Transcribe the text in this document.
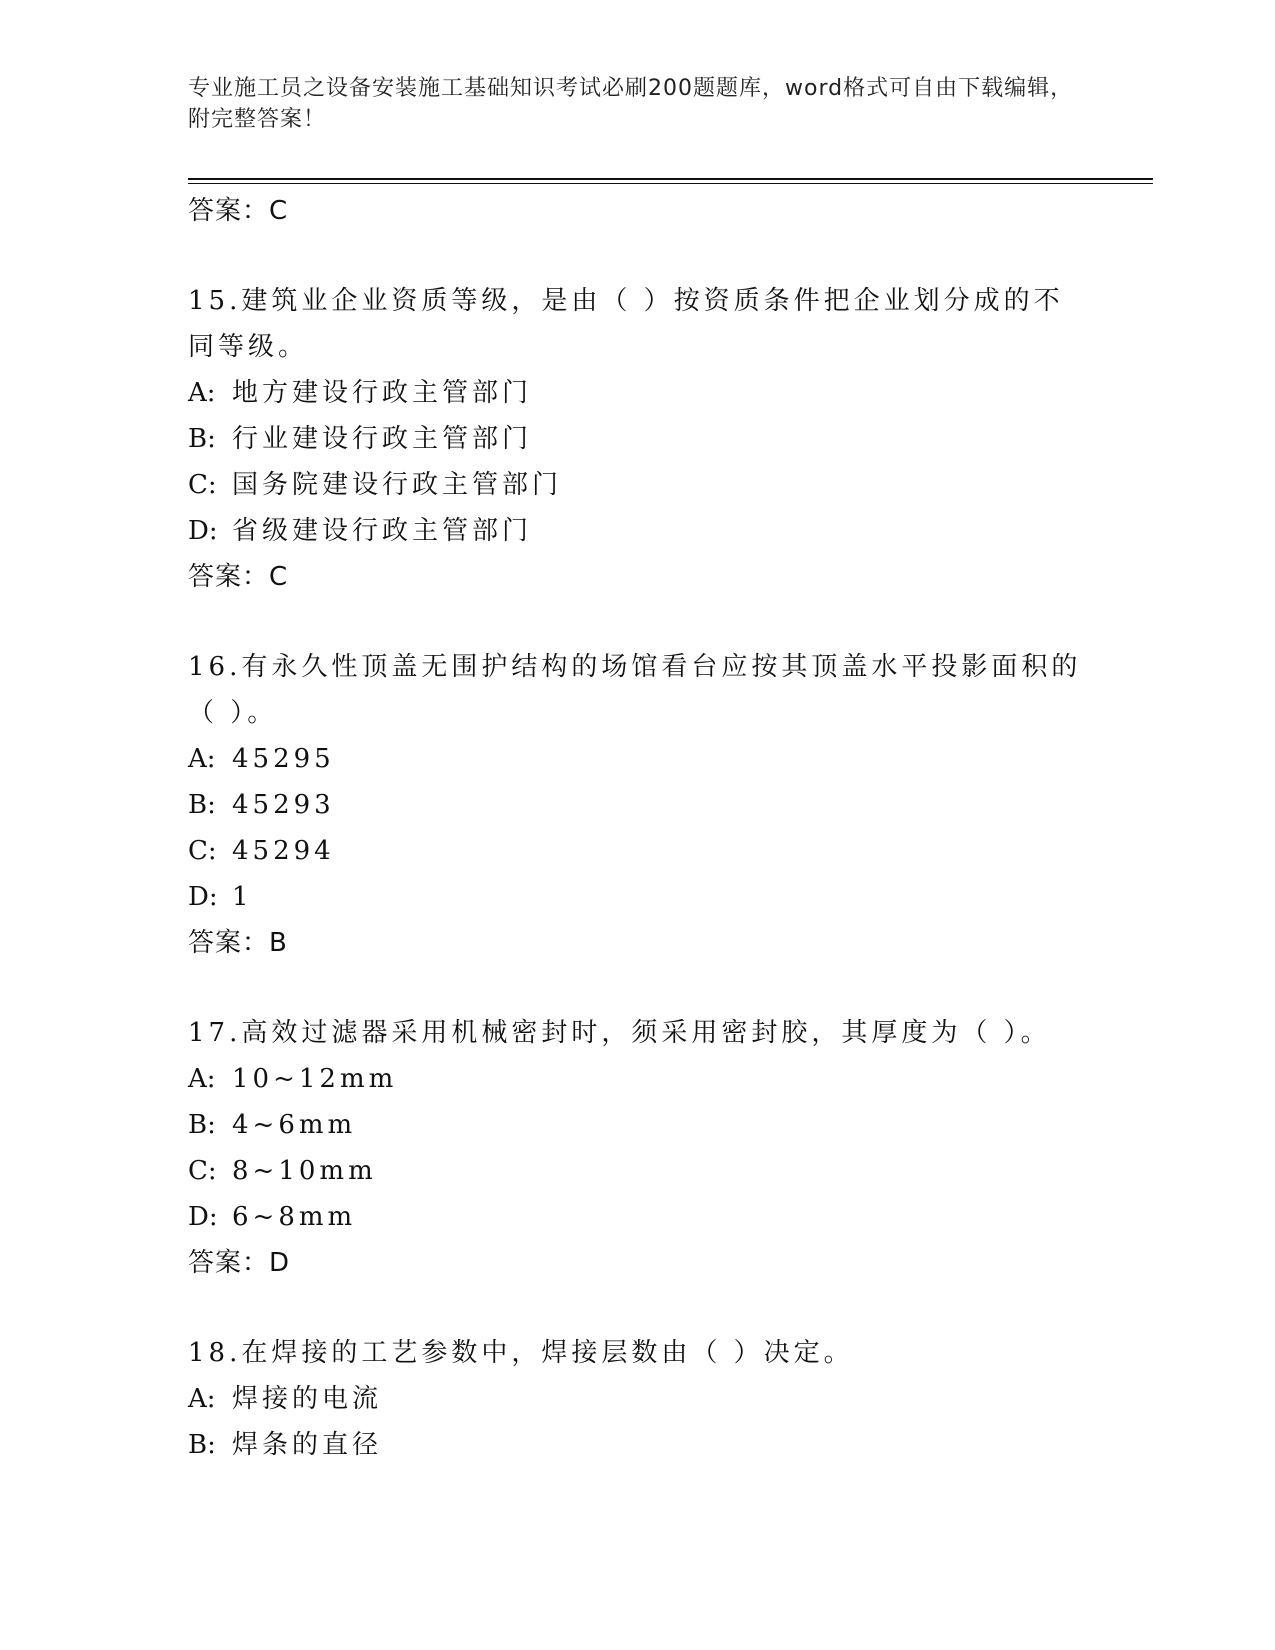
专业施工员之设备安装施工基础知识考试必刷200题题库，word格式可自由下载编辑，附完整答案！
答案：C
15.建筑业企业资质等级，是由（ ）按资质条件把企业划分成的不同等级。
A: 地方建设行政主管部门
B: 行业建设行政主管部门
C: 国务院建设行政主管部门
D: 省级建设行政主管部门
答案：C
16.有永久性顶盖无围护结构的场馆看台应按其顶盖水平投影面积的（ ）。
A: 45295
B: 45293
C: 45294
D: 1
答案：B
17.高效过滤器采用机械密封时，须采用密封胶，其厚度为（ ）。
A: 10~12mm
B: 4~6mm
C: 8~10mm
D: 6~8mm
答案：D
18.在焊接的工艺参数中，焊接层数由（ ）决定。
A: 焊接的电流
B: 焊条的直径
